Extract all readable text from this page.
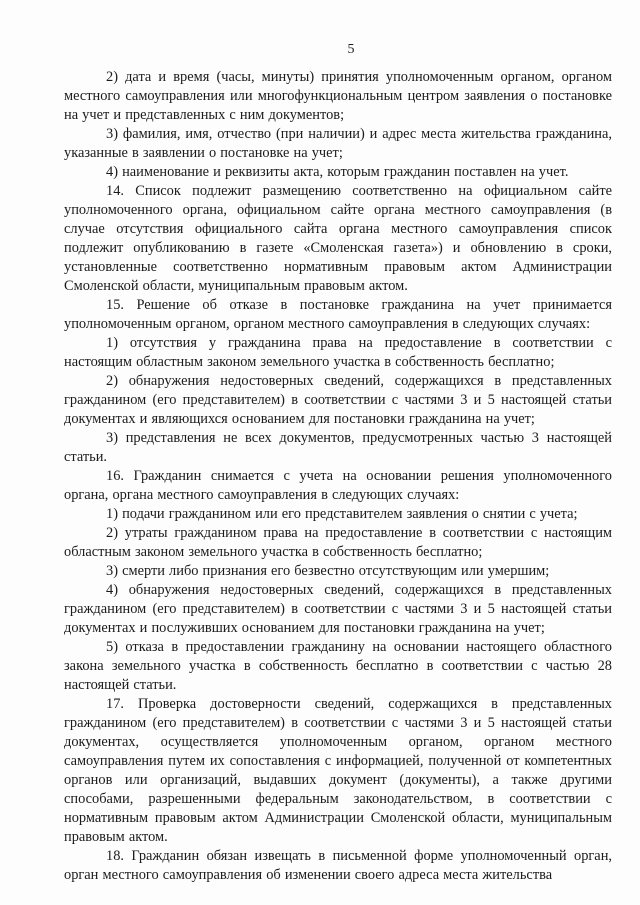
5

2) дата и время (часы, минуты) принятия уполномоченным органом, органом местного самоуправления или многофункциональным центром заявления о постановке на учет и представленных с ним документов;

3) фамилия, имя, отчество (при наличии) и адрес места жительства гражданина, указанные в заявлении о постановке на учет;

4) наименование и реквизиты акта, которым гражданин поставлен на учет.

14. Список подлежит размещению соответственно на официальном сайте уполномоченного органа, официальном сайте органа местного самоуправления (в случае отсутствия официального сайта органа местного самоуправления список подлежит опубликованию в газете «Смоленская газета») и обновлению в сроки, установленные соответственно нормативным правовым актом Администрации Смоленской области, муниципальным правовым актом.

15. Решение об отказе в постановке гражданина на учет принимается уполномоченным органом, органом местного самоуправления в следующих случаях:

1) отсутствия у гражданина права на предоставление в соответствии с настоящим областным законом земельного участка в собственность бесплатно;

2) обнаружения недостоверных сведений, содержащихся в представленных гражданином (его представителем) в соответствии с частями 3 и 5 настоящей статьи документах и являющихся основанием для постановки гражданина на учет;

3) представления не всех документов, предусмотренных частью 3 настоящей статьи.

16. Гражданин снимается с учета на основании решения уполномоченного органа, органа местного самоуправления в следующих случаях:

1) подачи гражданином или его представителем заявления о снятии с учета;

2) утраты гражданином права на предоставление в соответствии с настоящим областным законом земельного участка в собственность бесплатно;

3) смерти либо признания его безвестно отсутствующим или умершим;

4) обнаружения недостоверных сведений, содержащихся в представленных гражданином (его представителем) в соответствии с частями 3 и 5 настоящей статьи документах и послуживших основанием для постановки гражданина на учет;

5) отказа в предоставлении гражданину на основании настоящего областного закона земельного участка в собственность бесплатно в соответствии с частью 28 настоящей статьи.

17. Проверка достоверности сведений, содержащихся в представленных гражданином (его представителем) в соответствии с частями 3 и 5 настоящей статьи документах, осуществляется уполномоченным органом, органом местного самоуправления путем их сопоставления с информацией, полученной от компетентных органов или организаций, выдавших документ (документы), а также другими способами, разрешенными федеральным законодательством, в соответствии с нормативным правовым актом Администрации Смоленской области, муниципальным правовым актом.

18. Гражданин обязан извещать в письменной форме уполномоченный орган, орган местного самоуправления об изменении своего адреса места жительства
